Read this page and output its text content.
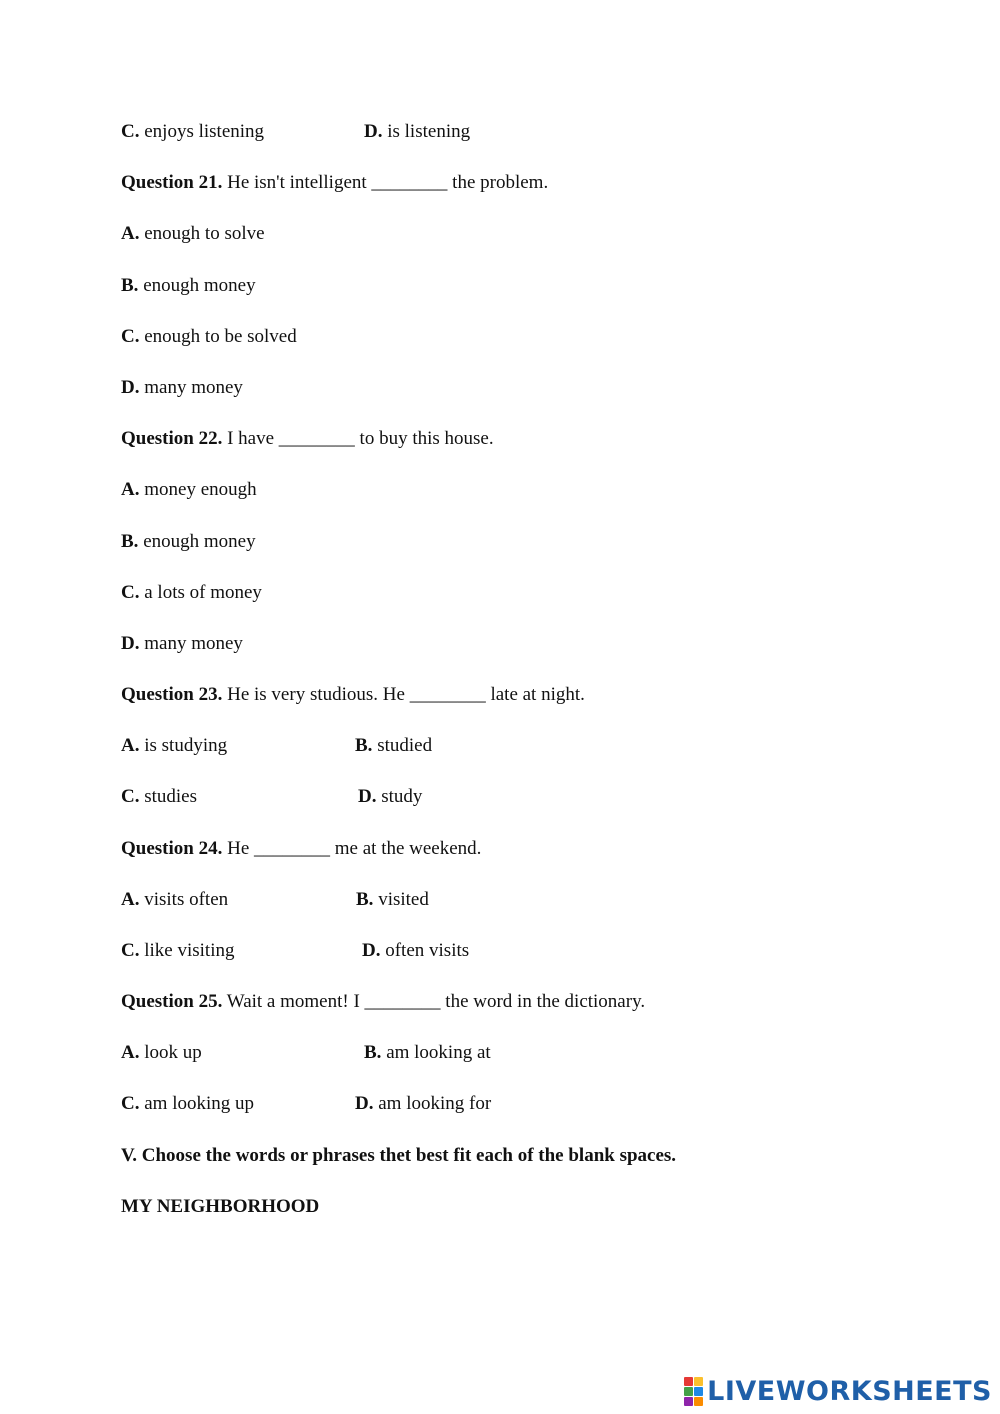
C. enjoys listening	D. is listening
Question 21. He isn't intelligent ________ the problem.
A. enough to solve
B. enough money
C. enough to be solved
D. many money
Question 22. I have ________ to buy this house.
A. money enough
B. enough money
C. a lots of money
D. many money
Question 23. He is very studious. He ________ late at night.
A. is studying	B. studied
C. studies	D. study
Question 24. He ________ me at the weekend.
A. visits often	B. visited
C. like visiting	D. often visits
Question 25. Wait a moment! I ________ the word in the dictionary.
A. look up	B. am looking at
C. am looking up	D. am looking for
V. Choose the words or phrases thet best fit each of the blank spaces.
MY NEIGHBORHOOD
LIVEWORKSHEETS
